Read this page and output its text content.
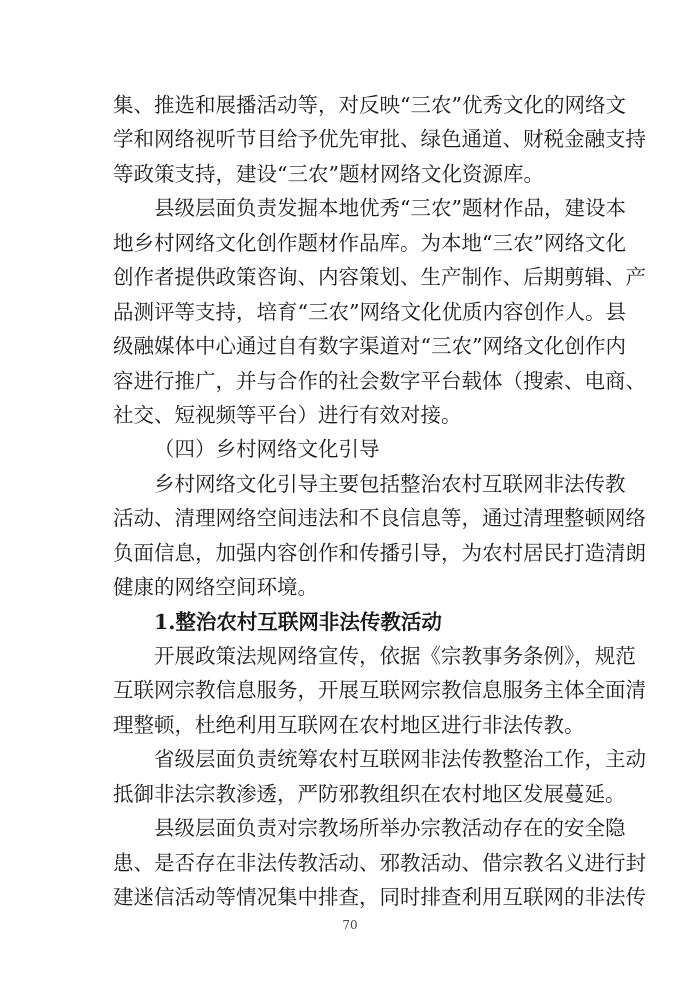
集、推选和展播活动等，对反映“三农”优秀文化的网络文
学和网络视听节目给予优先审批、绿色通道、财税金融支持
等政策支持，建设“三农”题材网络文化资源库。
县级层面负责发掘本地优秀“三农”题材作品，建设本
地乡村网络文化创作题材作品库。为本地“三农”网络文化
创作者提供政策咨询、内容策划、生产制作、后期剪辑、产
品测评等支持，培育“三农”网络文化优质内容创作人。县
级融媒体中心通过自有数字渠道对“三农”网络文化创作内
容进行推广，并与合作的社会数字平台载体（搜索、电商、
社交、短视频等平台）进行有效对接。
（四）乡村网络文化引导
乡村网络文化引导主要包括整治农村互联网非法传教
活动、清理网络空间违法和不良信息等，通过清理整顿网络
负面信息，加强内容创作和传播引导，为农村居民打造清朗
健康的网络空间环境。
1.整治农村互联网非法传教活动
开展政策法规网络宣传，依据《宗教事务条例》，规范
互联网宗教信息服务，开展互联网宗教信息服务主体全面清
理整顿，杜绝利用互联网在农村地区进行非法传教。
省级层面负责统筹农村互联网非法传教整治工作，主动
抵御非法宗教渗透，严防邪教组织在农村地区发展蔓延。
县级层面负责对宗教场所举办宗教活动存在的安全隐
患、是否存在非法传教活动、邪教活动、借宗教名义进行封
建迷信活动等情况集中排查，同时排查利用互联网的非法传
70
